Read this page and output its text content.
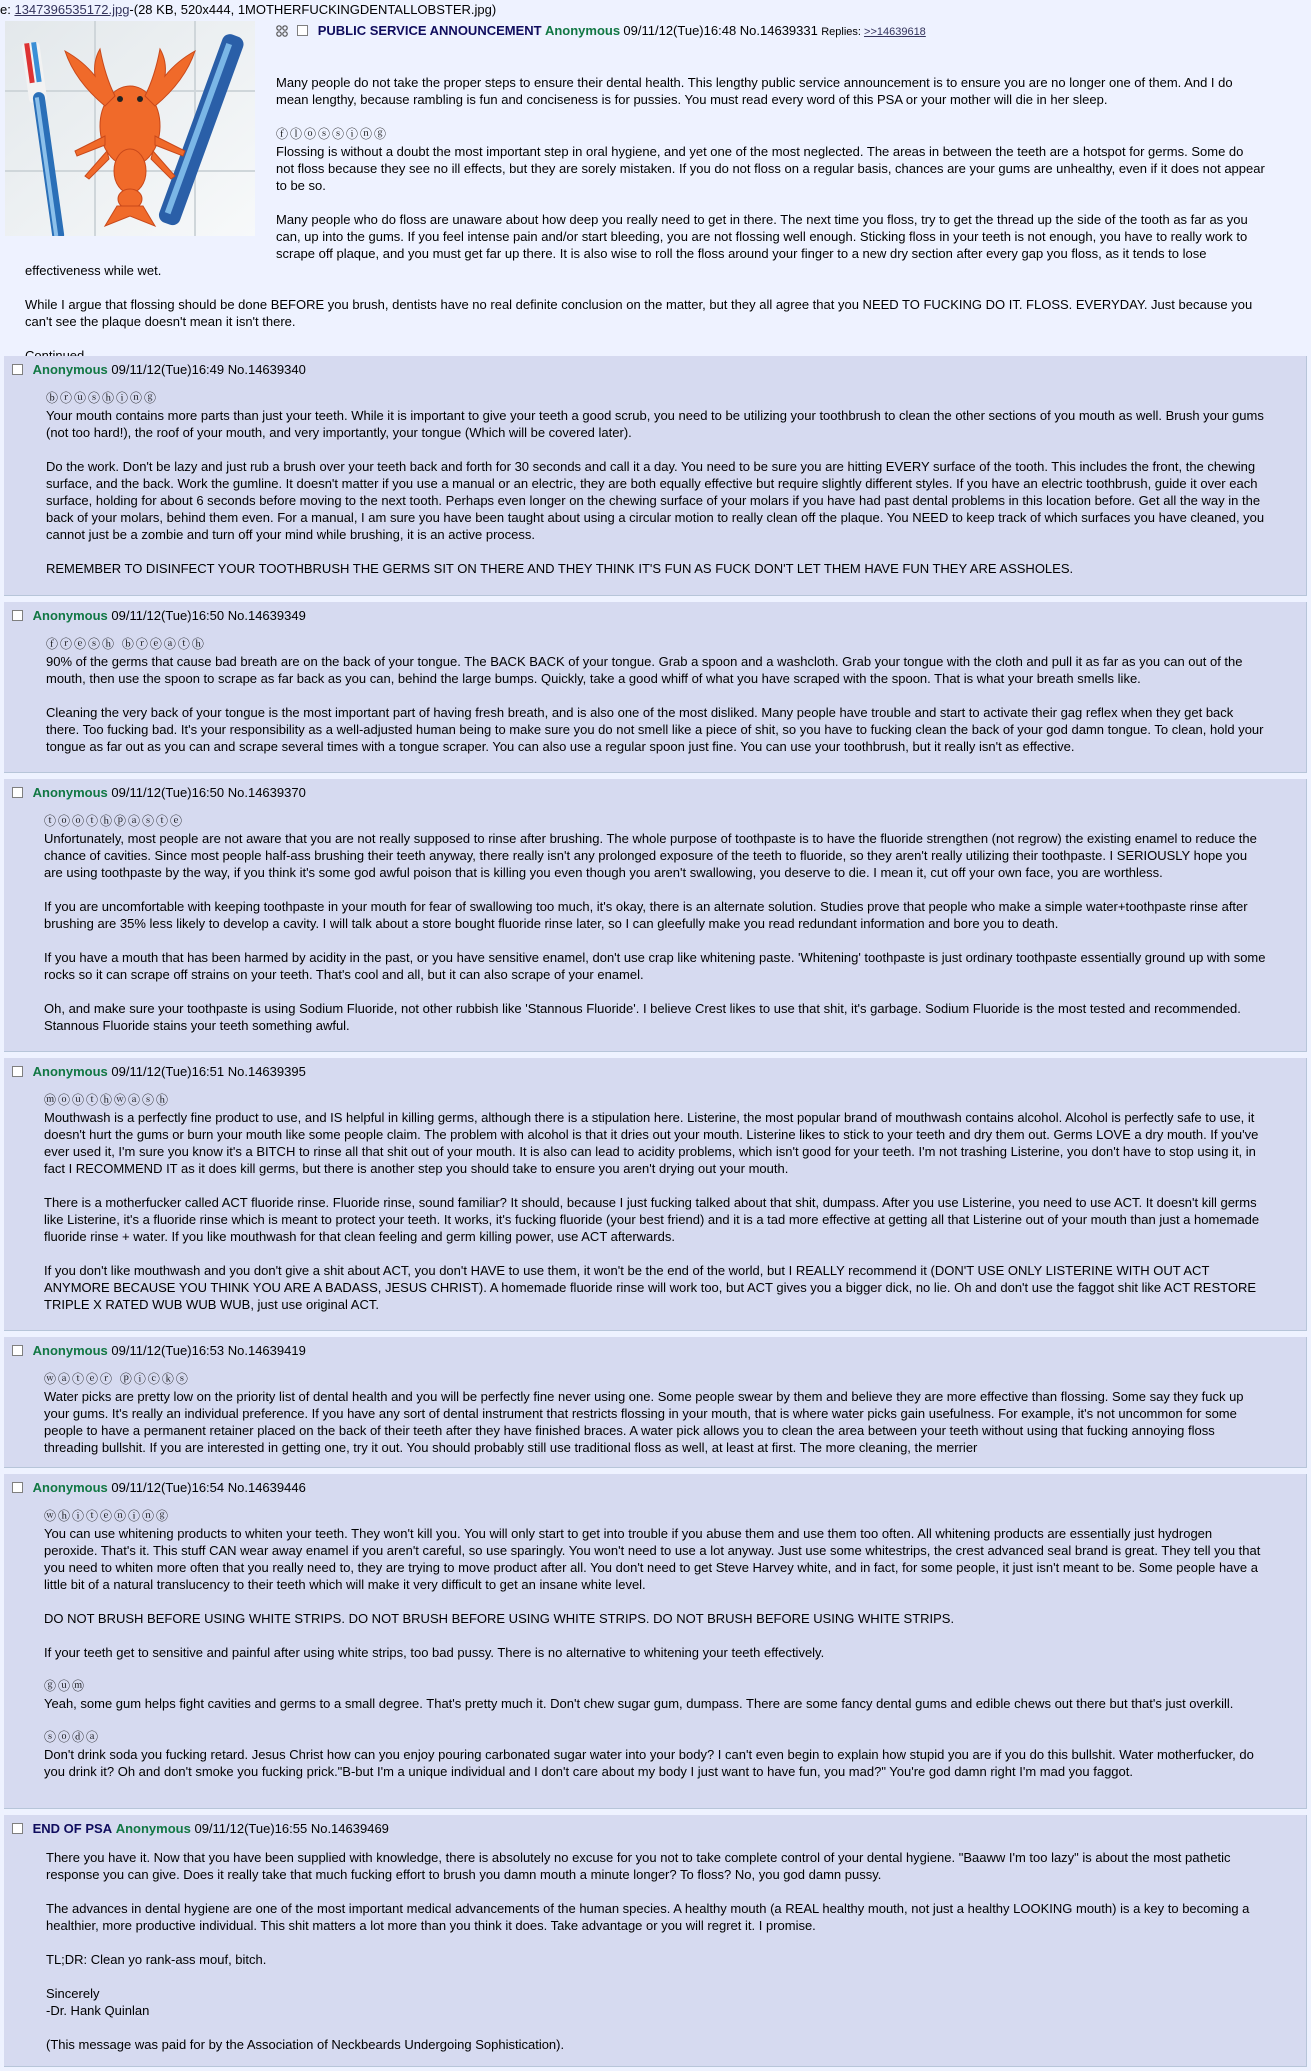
e: 1347396535172.jpg-(28 KB, 520x444, 1MOTHERFUCKINGDENTALLOBSTER.jpg)
PUBLIC SERVICE ANNOUNCEMENT Anonymous 09/11/12(Tue)16:48 No.14639331 Replies: >>14639618

Many people do not take the proper steps to ensure their dental health. This lengthy public service announcement is to ensure you are no longer one of them. And I do mean lengthy, because rambling is fun and conciseness is for pussies. You must read every word of this PSA or your mother will die in her sleep.

ⓕⓛⓞⓢⓢⓘⓝⓖ

Flossing is without a doubt the most important step in oral hygiene, and yet one of the most neglected. The areas in between the teeth are a hotspot for germs. Some do not floss because they see no ill effects, but they are sorely mistaken. If you do not floss on a regular basis, chances are your gums are unhealthy, even if it does not appear to be so.

Many people who do floss are unaware about how deep you really need to get in there. The next time you floss, try to get the thread up the side of the tooth as far as you can, up into the gums. If you feel intense pain and/or start bleeding, you are not flossing well enough. Sticking floss in your teeth is not enough, you have to really work to scrape off plaque, and you must get far up there. It is also wise to roll the floss around your finger to a new dry section after every gap you floss, as it tends to lose

effectiveness while wet.

While I argue that flossing should be done BEFORE you brush, dentists have no real definite conclusion on the matter, but they all agree that you NEED TO FUCKING DO IT. FLOSS. EVERYDAY. Just because you can't see the plaque doesn't mean it isn't there.

Anonymous 09/11/12(Tue)16:49 No.14639340
ⓑⓡⓤⓢⓗⓘⓝⓖ

Your mouth contains more parts than just your teeth. While it is important to give your teeth a good scrub, you need to be utilizing your toothbrush to clean the other sections of you mouth as well. Brush your gums (not too hard!), the roof of your mouth, and very importantly, your tongue (Which will be covered later).

Do the work. Don't be lazy and just rub a brush over your teeth back and forth for 30 seconds and call it a day. You need to be sure you are hitting EVERY surface of the tooth. This includes the front, the chewing surface, and the back. Work the gumline. It doesn't matter if you use a manual or an electric, they are both equally effective but require slightly different styles. If you have an electric toothbrush, guide it over each surface, holding for about 6 seconds before moving to the next tooth. Perhaps even longer on the chewing surface of your molars if you have had past dental problems in this location before. Get all the way in the back of your molars, behind them even. For a manual, I am sure you have been taught about using a circular motion to really clean off the plaque. You NEED to keep track of which surfaces you have cleaned, you cannot just be a zombie and turn off your mind while brushing, it is an active process.

REMEMBER TO DISINFECT YOUR TOOTHBRUSH THE GERMS SIT ON THERE AND THEY THINK IT'S FUN AS FUCK DON'T LET THEM HAVE FUN THEY ARE ASSHOLES.

Anonymous 09/11/12(Tue)16:50 No.14639349
ⓕⓡⓔⓢⓗ ⓑⓡⓔⓐⓣⓗ

90% of the germs that cause bad breath are on the back of your tongue. The BACK BACK of your tongue. Grab a spoon and a washcloth. Grab your tongue with the cloth and pull it as far as you can out of the mouth, then use the spoon to scrape as far back as you can, behind the large bumps. Quickly, take a good whiff of what you have scraped with the spoon. That is what your breath smells like.

Cleaning the very back of your tongue is the most important part of having fresh breath, and is also one of the most disliked. Many people have trouble and start to activate their gag reflex when they get back there. Too fucking bad. It's your responsibility as a well-adjusted human being to make sure you do not smell like a piece of shit, so you have to fucking clean the back of your god damn tongue. To clean, hold your tongue as far out as you can and scrape several times with a tongue scraper. You can also use a regular spoon just fine. You can use your toothbrush, but it really isn't as effective.

Anonymous 09/11/12(Tue)16:50 No.14639370
ⓣⓞⓞⓣⓗⓟⓐⓢⓣⓔ

Unfortunately, most people are not aware that you are not really supposed to rinse after brushing. The whole purpose of toothpaste is to have the fluoride strengthen (not regrow) the existing enamel to reduce the chance of cavities. Since most people half-ass brushing their teeth anyway, there really isn't any prolonged exposure of the teeth to fluoride, so they aren't really utilizing their toothpaste. I SERIOUSLY hope you are using toothpaste by the way, if you think it's some god awful poison that is killing you even though you aren't swallowing, you deserve to die. I mean it, cut off your own face, you are worthless.

If you are uncomfortable with keeping toothpaste in your mouth for fear of swallowing too much, it's okay, there is an alternate solution. Studies prove that people who make a simple water+toothpaste rinse after brushing are 35% less likely to develop a cavity. I will talk about a store bought fluoride rinse later, so I can gleefully make you read redundant information and bore you to death.

If you have a mouth that has been harmed by acidity in the past, or you have sensitive enamel, don't use crap like whitening paste. 'Whitening' toothpaste is just ordinary toothpaste essentially ground up with some rocks so it can scrape off strains on your teeth. That's cool and all, but it can also scrape of your enamel.

Oh, and make sure your toothpaste is using Sodium Fluoride, not other rubbish like 'Stannous Fluoride'. I believe Crest likes to use that shit, it's garbage. Sodium Fluoride is the most tested and recommended. Stannous Fluoride stains your teeth something awful.

Anonymous 09/11/12(Tue)16:51 No.14639395
ⓜⓞⓤⓣⓗⓦⓐⓢⓗ

Mouthwash is a perfectly fine product to use, and IS helpful in killing germs, although there is a stipulation here. Listerine, the most popular brand of mouthwash contains alcohol. Alcohol is perfectly safe to use, it doesn't hurt the gums or burn your mouth like some people claim. The problem with alcohol is that it dries out your mouth. Listerine likes to stick to your teeth and dry them out. Germs LOVE a dry mouth. If you've ever used it, I'm sure you know it's a BITCH to rinse all that shit out of your mouth. It is also can lead to acidity problems, which isn't good for your teeth. I'm not trashing Listerine, you don't have to stop using it, in fact I RECOMMEND IT as it does kill germs, but there is another step you should take to ensure you aren't drying out your mouth.

There is a motherfucker called ACT fluoride rinse. Fluoride rinse, sound familiar? It should, because I just fucking talked about that shit, dumpass. After you use Listerine, you need to use ACT. It doesn't kill germs like Listerine, it's a fluoride rinse which is meant to protect your teeth. It works, it's fucking fluoride (your best friend) and it is a tad more effective at getting all that Listerine out of your mouth than just a homemade fluoride rinse + water. If you like mouthwash for that clean feeling and germ killing power, use ACT afterwards.

If you don't like mouthwash and you don't give a shit about ACT, you don't HAVE to use them, it won't be the end of the world, but I REALLY recommend it (DON'T USE ONLY LISTERINE WITH OUT ACT ANYMORE BECAUSE YOU THINK YOU ARE A BADASS, JESUS CHRIST). A homemade fluoride rinse will work too, but ACT gives you a bigger dick, no lie. Oh and don't use the faggot shit like ACT RESTORE TRIPLE X RATED WUB WUB WUB, just use original ACT.

Anonymous 09/11/12(Tue)16:53 No.14639419
ⓦⓐⓣⓔⓡ ⓟⓘⓒⓚⓢ

Water picks are pretty low on the priority list of dental health and you will be perfectly fine never using one. Some people swear by them and believe they are more effective than flossing. Some say they fuck up your gums. It's really an individual preference. If you have any sort of dental instrument that restricts flossing in your mouth, that is where water picks gain usefulness. For example, it's not uncommon for some people to have a permanent retainer placed on the back of their teeth after they have finished braces. A water pick allows you to clean the area between your teeth without using that fucking annoying floss threading bullshit. If you are interested in getting one, try it out. You should probably still use traditional floss as well, at least at first. The more cleaning, the merrier

Anonymous 09/11/12(Tue)16:54 No.14639446
ⓦⓗⓘⓣⓔⓝⓘⓝⓖ

You can use whitening products to whiten your teeth. They won't kill you. You will only start to get into trouble if you abuse them and use them too often. All whitening products are essentially just hydrogen peroxide. That's it. This stuff CAN wear away enamel if you aren't careful, so use sparingly. You won't need to use a lot anyway. Just use some whitestrips, the crest advanced seal brand is great. They tell you that you need to whiten more often that you really need to, they are trying to move product after all. You don't need to get Steve Harvey white, and in fact, for some people, it just isn't meant to be. Some people have a little bit of a natural translucency to their teeth which will make it very difficult to get an insane white level.

DO NOT BRUSH BEFORE USING WHITE STRIPS. DO NOT BRUSH BEFORE USING WHITE STRIPS. DO NOT BRUSH BEFORE USING WHITE STRIPS.

If your teeth get to sensitive and painful after using white strips, too bad pussy. There is no alternative to whitening your teeth effectively.

ⓖⓤⓜ

Yeah, some gum helps fight cavities and germs to a small degree. That's pretty much it. Don't chew sugar gum, dumpass. There are some fancy dental gums and edible chews out there but that's just overkill.

ⓢⓞⓓⓐ

Don't drink soda you fucking retard. Jesus Christ how can you enjoy pouring carbonated sugar water into your body? I can't even begin to explain how stupid you are if you do this bullshit. Water motherfucker, do you drink it? Oh and don't smoke you fucking prick."B-but I'm a unique individual and I don't care about my body I just want to have fun, you mad?" You're god damn right I'm mad you faggot.

END OF PSA Anonymous 09/11/12(Tue)16:55 No.14639469

There you have it. Now that you have been supplied with knowledge, there is absolutely no excuse for you not to take complete control of your dental hygiene. "Baaww I'm too lazy" is about the most pathetic response you can give. Does it really take that much fucking effort to brush you damn mouth a minute longer? To floss? No, you god damn pussy.

The advances in dental hygiene are one of the most important medical advancements of the human species. A healthy mouth (a REAL healthy mouth, not just a healthy LOOKING mouth) is a key to becoming a healthier, more productive individual. This shit matters a lot more than you think it does. Take advantage or you will regret it. I promise.

TL;DR: Clean yo rank-ass mouf, bitch.

Sincerely

-Dr. Hank Quinlan

(This message was paid for by the Association of Neckbeards Undergoing Sophistication).
